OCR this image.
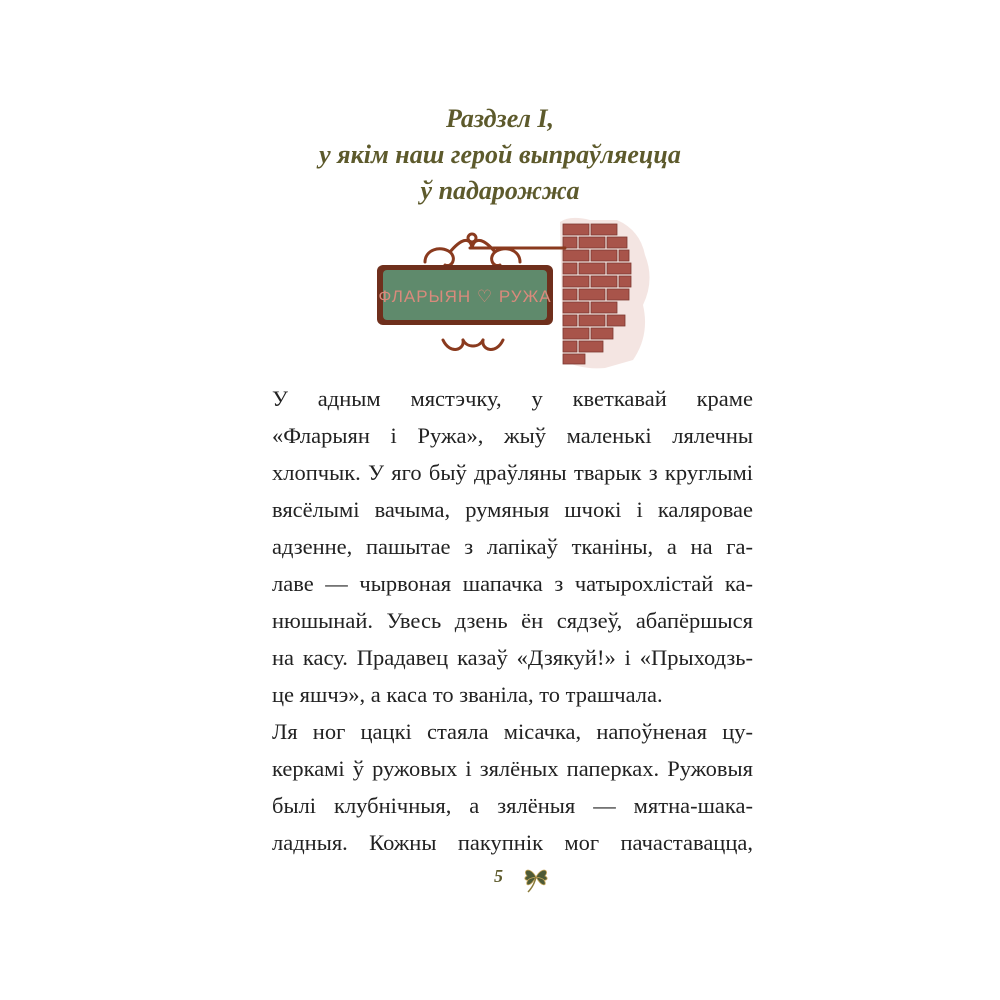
Раздзел І,
у якім наш герой выпраўляецца
ў падарожжа
ФЛАРЫЯН ♡ РУЖА
У адным мястэчку, у кветкавай краме
«Фларыян і Ружа», жыў маленькі лялечны
хлопчык. У яго быў драўляны тварык з круглымі
вясёлымі вачыма, румяныя шчокі і каляровае
адзенне, пашытае з лапікаў тканіны, а на га-
лаве — чырвоная шапачка з чатырохлістай ка-
нюшынай. Увесь дзень ён сядзеў, абапёршыся
на касу. Прадавец казаў «Дзякуй!» і «Прыходзь-
це яшчэ», а каса то званіла, то трашчала.
Ля ног цацкі стаяла місачка, напоўненая цу-
керкамі ў ружовых і зялёных паперках. Ружовыя
былі клубнічныя, а зялёныя — мятна-шака-
ладныя. Кожны пакупнік мог пачаставацца,
5
